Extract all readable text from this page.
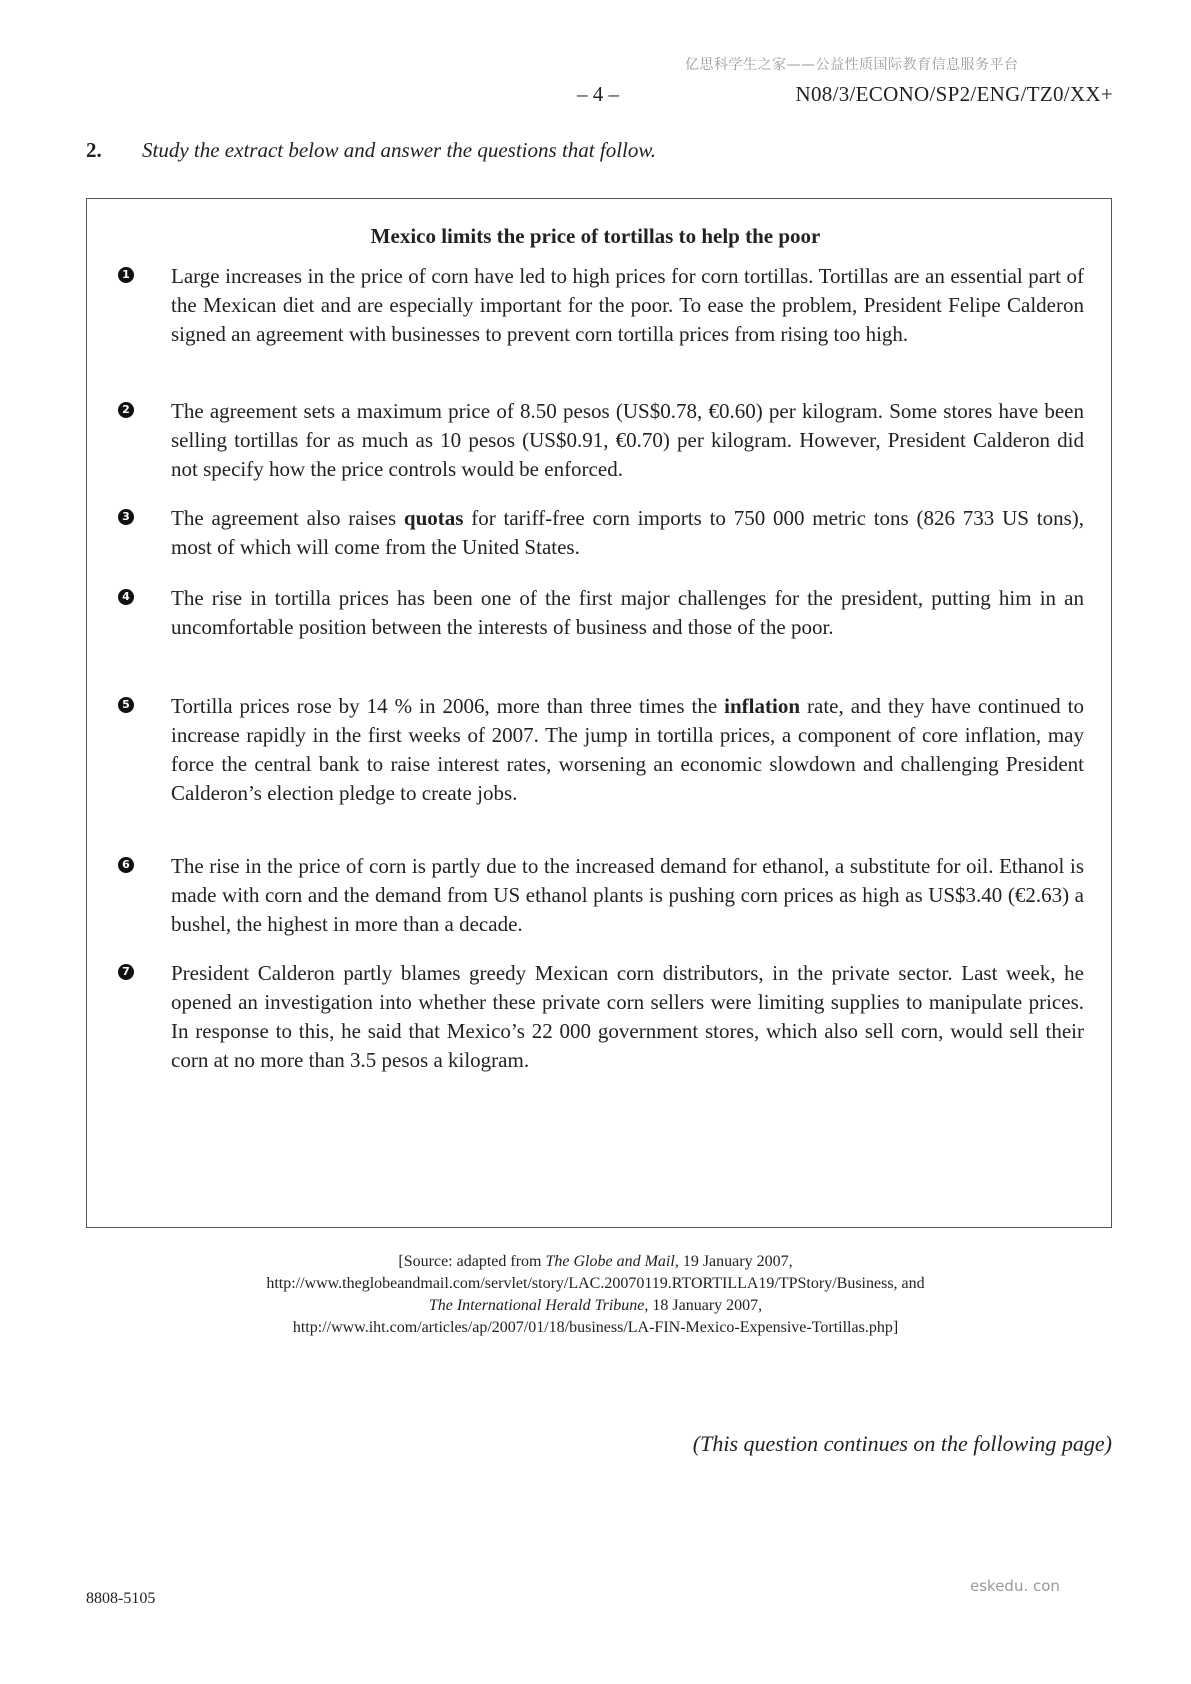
亿思科学生之家——公益性质国际教育信息服务平台
– 4 –	N08/3/ECONO/SP2/ENG/TZ0/XX+
2. Study the extract below and answer the questions that follow.
Mexico limits the price of tortillas to help the poor
1 Large increases in the price of corn have led to high prices for corn tortillas. Tortillas are an essential part of the Mexican diet and are especially important for the poor. To ease the problem, President Felipe Calderon signed an agreement with businesses to prevent corn tortilla prices from rising too high.
2 The agreement sets a maximum price of 8.50 pesos (US$0.78, €0.60) per kilogram. Some stores have been selling tortillas for as much as 10 pesos (US$0.91, €0.70) per kilogram. However, President Calderon did not specify how the price controls would be enforced.
3 The agreement also raises quotas for tariff-free corn imports to 750 000 metric tons (826 733 US tons), most of which will come from the United States.
4 The rise in tortilla prices has been one of the first major challenges for the president, putting him in an uncomfortable position between the interests of business and those of the poor.
5 Tortilla prices rose by 14 % in 2006, more than three times the inflation rate, and they have continued to increase rapidly in the first weeks of 2007. The jump in tortilla prices, a component of core inflation, may force the central bank to raise interest rates, worsening an economic slowdown and challenging President Calderon’s election pledge to create jobs.
6 The rise in the price of corn is partly due to the increased demand for ethanol, a substitute for oil. Ethanol is made with corn and the demand from US ethanol plants is pushing corn prices as high as US$3.40 (€2.63) a bushel, the highest in more than a decade.
7 President Calderon partly blames greedy Mexican corn distributors, in the private sector. Last week, he opened an investigation into whether these private corn sellers were limiting supplies to manipulate prices. In response to this, he said that Mexico’s 22 000 government stores, which also sell corn, would sell their corn at no more than 3.5 pesos a kilogram.
[Source: adapted from The Globe and Mail, 19 January 2007,
http://www.theglobeandmail.com/servlet/story/LAC.20070119.RTORTILLA19/TPStory/Business, and
The International Herald Tribune, 18 January 2007,
http://www.iht.com/articles/ap/2007/01/18/business/LA-FIN-Mexico-Expensive-Tortillas.php]
(This question continues on the following page)
8808-5105
eskedu. con
